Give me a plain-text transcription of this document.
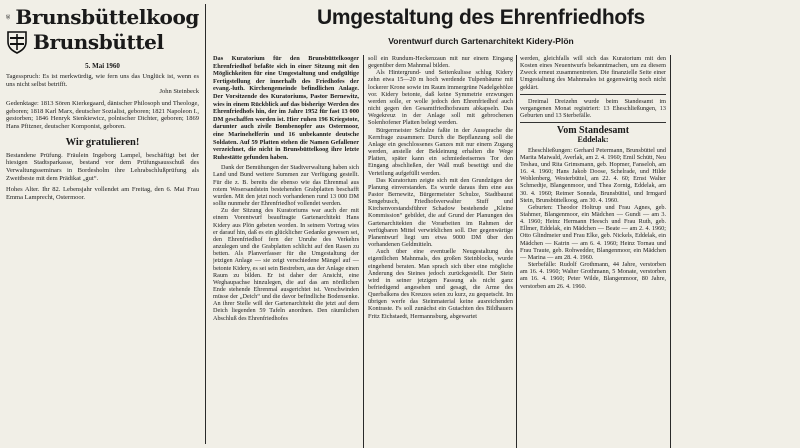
Brunsbüttelkoog
Brunsbüttel
5. Mai 1960

Tagesspruch: Es ist merkwürdig, wie fern uns das Unglück ist, wenn es uns nicht selbst betrifft.

John Steinbeck

Gedenktage: 1813 Sören Kierkegaard, dänischer Philosoph und Theologe, geboren; 1818 Karl Marx, deutscher Sozialist, geboren; 1821 Napoleon I., gestorben; 1846 Henryk Sienkiewicz, polnischer Dichter, geboren; 1869 Hans Pfitzner, deutscher Komponist, geboren.

Wir gratulieren!

Bestandene Prüfung. Fräulein Ingeborg Lampel, beschäftigt bei der hiesigen Stadtsparkasse, bestand vor dem Prüfungsausschuß des Verwaltungsseminars in Bordesholm ihre Lehrabschlußprüfung als Zweitbeste mit dem Prädikat „gut“.

Hohes Alter. Ihr 82. Lebensjahr vollendet am Freitag, den 6. Mai Frau Emma Lamprecht, Ostermoor.

Umgestaltung des Ehrenfriedhofs
Vorentwurf durch Gartenarchitekt Kidery-Plön

Das Kuratorium für den Brunsbüttelkooger Ehrenfriedhof befaßte sich in einer Sitzung mit den Möglichkeiten für eine Umgestaltung und endgültige Fertigstellung der innerhalb des Friedhofes der evang.-luth. Kirchengemeinde befindlichen Anlage. Der Vorsitzende des Kuratoriums, Pastor Bernewitz, wies in einem Rückblick auf das bisherige Werden des Ehrenfriedhofs hin, der im Jahre 1952 für fast 13 000 DM geschaffen worden ist. Hier ruhen 196 Kriegstote, darunter auch zivile Bombenopfer aus Ostermoor, eine Marinehelferin und 16 unbekannte deutsche Soldaten. Auf 59 Platten stehen die Namen Gefallener verzeichnet, die nicht in Brunsbüttelkoog ihre letzte Ruhestätte gefunden haben.

Dank der Bemühungen der Stadtverwaltung haben sich Land und Bund weitere Summen zur Verfügung gestellt. Für die z. B. bereits die ebenso wie das Ehrenmal aus rotem Wesersandstein bestehenden Grabplatten beschafft wurden. Mit den jetzt noch vorhandenen rund 13 000 DM sollte nunmehr der Ehrenfriedhof vollendet werden.

Zu der Sitzung des Kuratoriums war auch der mit einem Vorentwurf beauftragte Gartenarchitekt Hans Kidery aus Plön gebeten worden. In seinem Vortrag wies er darauf hin, daß es ein glücklicher Gedanke gewesen sei, den Ehrenfriedhof fern der Unruhe des Verkehrs anzulegen und die Grabplatten schlicht auf den Rasen zu betten. Als Planverfasser für die Umgestaltung der jetzigen Anlage — sie zeigt verschiedene Mängel auf — betonte Kidery, es sei sein Bestreben, aus der Anlage einen Raum zu bilden. Er ist daher der Ansicht, eine Weghaupachse hinzulegen, die auf das am nördlichen Ende stehende Ehrenmal ausgerichtet ist. Verschwinden müsse der „Deich“ und die davor befindliche Bodensenke. An ihrer Stelle will der Gartenarchitekt die jetzt auf dem Deich liegenden 59 Tafeln anordnen. Den räumlichen Abschluß des Ehrenfriedhofes

soll ein Rundum-Heckenzaun mit nur einem Eingang gegenüber dem Mahnmal bilden.

Als Hintergrund- und Seitenkulisse schlug Kidery zehn etwa 15—20 m hoch werdende Tulpenbäume mit lockerer Krone sowie im Raum immergrüne Nadelgehölze vor. Kidery betonte, daß keine Symmetrie erzwungen werden solle, er wolle jedoch den Ehrenfriedhof auch nicht gegen den Gesamtfriedhofsraum abkapseln. Das Wegekreuz in der Anlage soll mit gebrochenen Solenhofener Platten belegt werden.

Bürgermeister Schulze faßte in der Aussprache die Kernfrage zusammen: Durch die Bepflanzung soll die Anlage ein geschlossenes Ganzes mit nur einem Zugang werden, anstelle der Bekleinung erhalten die Wege Platten, später kann ein schmiedeeisernes Tor den Eingang abschließen, der Wall muß beseitigt und die Verteilung aufgefüllt werden.

Das Kuratorium zeigte sich mit den Grundzügen der Planung einverstanden. Es wurde daraus ihm eine aus Pastor Bernewitz, Bürgermeister Schulze, Stadtbaurat Sengebusch, Friedhofsverwalter Stuff und Kirchenvorstandsführer Schadow bestehende „Kleine Kommission“ gebildet, die auf Grund der Planungen des Gartenarchitekten die Vorarbeiten im Rahmen der verfügbaren Mittel verwirklichen soll. Der gegenwärtige Planentwurf liegt um etwa 9000 DM über den vorhandenen Geldmitteln.

Auch über eine eventuelle Neugestaltung des eigentlichen Mahnmals, des großen Steinblocks, wurde eingehend beraten. Man sprach sich über eine mögliche Änderung des Steines jedoch zurückgestellt. Der Stein wird in seiner jetzigen Fassung als nicht ganz befriedigend angesehen und gesagt, die Arme des Querbalkens des Kreuzes seien zu kurz, zu gequetscht. Im übrigen werfe das Steinmaterial keine ausreichenden Kontraste. Fs soll zunächst ein Gutachten des Bildhauers Fritz Eichstaedt, Hermannsburg, abgewartet

werden, gleichfalls will sich das Kuratorium mit den Kosten eines Neuentwurfs bekanntmachen, um zu diesem Zweck erneut zusammentreten. Die finanzielle Seite einer Umgestaltung des Mahnmales ist gegenwärtig noch nicht geklärt.

Dreimal Dreizehn wurde beim Standesamt im vergangenen Monat registriert: 13 Eheschließungen, 13 Geburten und 13 Sterbefälle.

Vom Standesamt
Eddelak:

Eheschließungen: Gerhard Petermann, Brunsbüttel und Marita Maiwald, Averlak, am 2. 4. 1960; Emil Schütt, Neu Teshau, und Rita Grimsmann, geb. Hopmer, Fanseloh, am 16. 4. 1960; Hans Jakob Doose, Schelrade, und Hilde Wohlenberg, Westerbüttel, am 22. 4. 60; Ernst Walter Schmedtje, Blangenmoor, und Thea Zornig, Eddelak, am 30. 4. 1960; Reimer Sonnda, Brunsbüttel, und Irmgard Stein, Brunsbüttelkoog, am 30. 4. 1960.

Geburten: Theodor Holtrup und Frau Agnes, geb. Stahmer, Blangenmoor, ein Mädchen — Gundi — am 3. 4. 1960; Heinz Hermann Heesch und Frau Ruth, geb. Ellmer, Eddelak, ein Mädchen — Beate — am 2. 4. 1960; Otto Glindmeier und Frau Elke, geb. Nickels, Eddelak, ein Mädchen — Katrin — am 6. 4. 1960; Heinz Tornau und Frau Traute, geb. Rohwedder, Blangenmoor, ein Mädchen — Marina — am 28. 4. 1960.

Sterbefälle: Rudolf Grothmann, 44 Jahre, verstorben am 16. 4. 1960; Walter Grothmann, 5 Monate, verstorben am 16. 4. 1960; Peter Wilde, Blangenmoor, 80 Jahre, verstorben am 26. 4. 1960.
